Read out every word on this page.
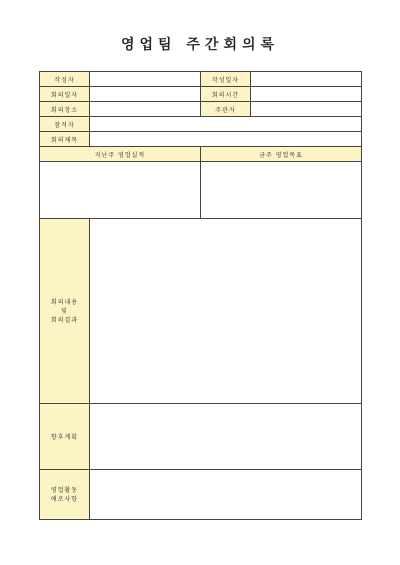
영업팀 주간회의록
작성자		작성일자	
회의일자		회의시간	
회의장소		주관자	
참석자			
회의제목			
지난주 영업실적		금주 영업목표	

회의내용
및
회의결과			

향후계획			

영업활동
애로사항			
